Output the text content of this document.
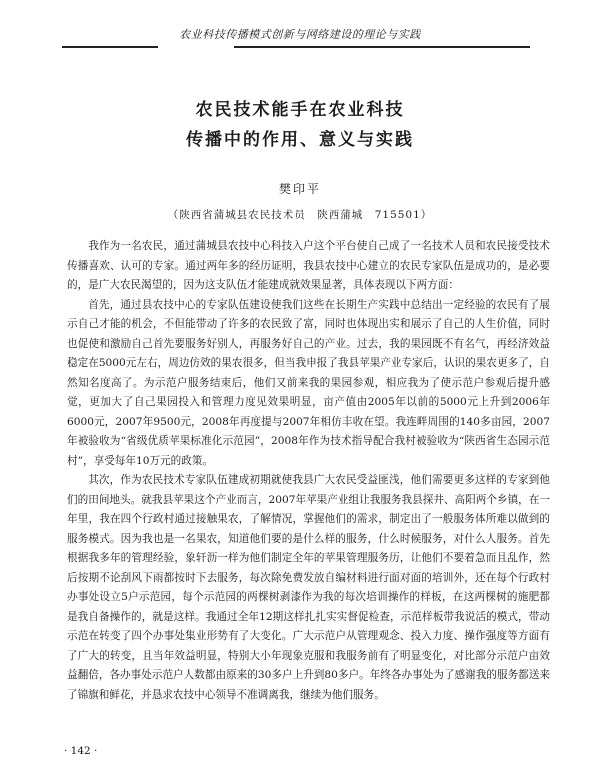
农业科技传播模式创新与网络建设的理论与实践
农民技术能手在农业科技
传播中的作用、意义与实践
樊印平
（陕西省蒲城县农民技术员　陕西蒲城　715501）

我作为一名农民，通过蒲城县农技中心科技入户这个平台使自己成了一名技术人员和农民接受技术传播喜欢、认可的专家。通过两年多的经历证明，我县农技中心建立的农民专家队伍是成功的，是必要的，是广大农民渴望的，因为这支队伍才能建成就效果显著，具体表现以下两方面：

首先，通过县农技中心的专家队伍建设使我们这些在长期生产实践中总结出一定经验的农民有了展示自己才能的机会，不但能带动了许多的农民致了富，同时也体现出实和展示了自己的人生价值，同时也促使和激励自己首先要服务好别人，再服务好自己的产业。过去，我的果园既不有名气，再经济效益稳定在5000元左右，周边仿效的果农很多，但当我申报了我县苹果产业专家后，认识的果农更多了，自然知名度高了。为示范户服务结束后，他们又前来我的果园参观，相应我为了使示范户参观后提升感觉，更加大了自己果园投入和管理力度见效果明显，亩产值由2005年以前的5000元上升到2006年6000元，2007年9500元，2008年再度提与2007年相仿丰收在望。我连畔周围的140多亩园，2007年被验收为“省级优质苹果标准化示范园”，2008年作为技术指导配合我村被验收为“陕西省生态园示范村”，享受每年10万元的政策。

其次，作为农民技术专家队伍建成初期就使我县广大农民受益匪浅，他们需要更多这样的专家到他们的田间地头。就我县苹果这个产业而言，2007年苹果产业组让我服务我县探井、高阳两个乡镇，在一年里，我在四个行政村通过接触果农，了解情况，掌握他们的需求，制定出了一般服务体所难以做到的服务模式。因为我也是一名果农，知道他们要的是什么样的服务，什么时候服务，对什么人服务。首先根据我多年的管理经验，象轩沥一样为他们制定全年的苹果管理服务历，让他们不要着急而且乱作，然后按期不论刮风下雨都按时下去服务，每次除免费发放自编材料进行面对面的培训外，还在每个行政村办事处设立5户示范园，每个示范园的两棵树剥漆作为我的每次培训操作的样板，在这两棵树的施肥都是我自备操作的，就是这样。我通过全年12期这样扎扎实实督促检查，示范样板带我说活的模式，带动示范在转变了四个办事处集业形势有了大变化。广大示范户从管理观念、投入力度、操作强度等方面有了广大的转变，且当年效益明显，特别大小年现象克服和我服务前有了明显变化，对比部分示范户亩效益翻倍，各办事处示范户人数都由原来的30多户上升到80多户。年终各办事处为了感谢我的服务都送来了锦旗和鲜花，并恳求农技中心领导不准调离我，继续为他们服务。

· 142 ·
